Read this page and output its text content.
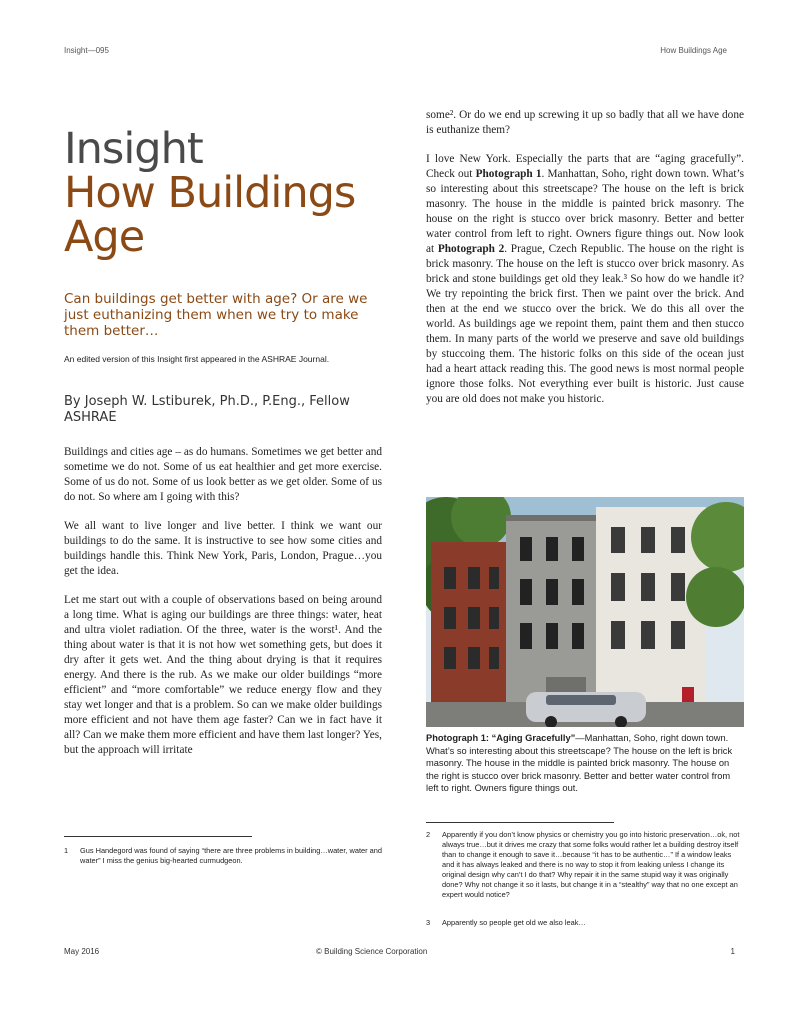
Insight—095	How Buildings Age
Insight
How Buildings
Age
Can buildings get better with age? Or are we just euthanizing them when we try to make them better…
An edited version of this Insight first appeared in the ASHRAE Journal.
By Joseph W. Lstiburek, Ph.D., P.Eng., Fellow ASHRAE

Buildings and cities age – as do humans. Sometimes we get better and sometime we do not. Some of us eat healthier and get more exercise. Some of us do not. Some of us look better as we get older. Some of us do not. So where am I going with this?

We all want to live longer and live better. I think we want our buildings to do the same. It is instructive to see how some cities and buildings handle this. Think New York, Paris, London, Prague…you get the idea.

Let me start out with a couple of observations based on being around a long time. What is aging our buildings are three things: water, heat and ultra violet radiation. Of the three, water is the worst¹. And the thing about water is that it is not how wet something gets, but does it dry after it gets wet. And the thing about drying is that it requires energy. And there is the rub. As we make our older buildings “more efficient” and “more comfortable” we reduce energy flow and they stay wet longer and that is a problem. So can we make older buildings more efficient and not have them age faster? Can we in fact have it all? Can we make them more efficient and have them last longer? Yes, but the approach will irritate

1 Gus Handegord was found of saying “there are three problems in building…water, water and water” I miss the genius big-hearted curmudgeon.

some². Or do we end up screwing it up so badly that all we have done is euthanize them?

I love New York. Especially the parts that are “aging gracefully”. Check out Photograph 1. Manhattan, Soho, right down town. What’s so interesting about this streetscape? The house on the left is brick masonry. The house in the middle is painted brick masonry. The house on the right is stucco over brick masonry. Better and better water control from left to right. Owners figure things out. Now look at Photograph 2. Prague, Czech Republic. The house on the right is brick masonry. The house on the left is stucco over brick masonry. As brick and stone buildings get old they leak.³ So how do we handle it? We try repointing the brick first. Then we paint over the brick. And then at the end we stucco over the brick. We do this all over the world. As buildings age we repoint them, paint them and then stucco them. In many parts of the world we preserve and save old buildings by stuccoing them. The historic folks on this side of the ocean just had a heart attack reading this. The good news is most normal people ignore those folks. Not everything ever built is historic. Just cause you are old does not make you historic.

Photograph 1: “Aging Gracefully”—Manhattan, Soho, right down town. What’s so interesting about this streetscape? The house on the left is brick masonry. The house in the middle is painted brick masonry. The house on the right is stucco over brick masonry. Better and better water control from left to right. Owners figure things out.
2 Apparently if you don’t know physics or chemistry you go into historic preservation…ok, not always true…but it drives me crazy that some folks would rather let a building destroy itself than to change it enough to save it…because “it has to be authentic…” If a window leaks and it has always leaked and there is no way to stop it from leaking unless I change its original design why can’t I do that? Why repair it in the same stupid way it was originally done? Why not change it so it lasts, but change it in a “stealthy” way that no one except an expert would notice?
3 Apparently so people get old we also leak…
May 2016	© Building Science Corporation	1
